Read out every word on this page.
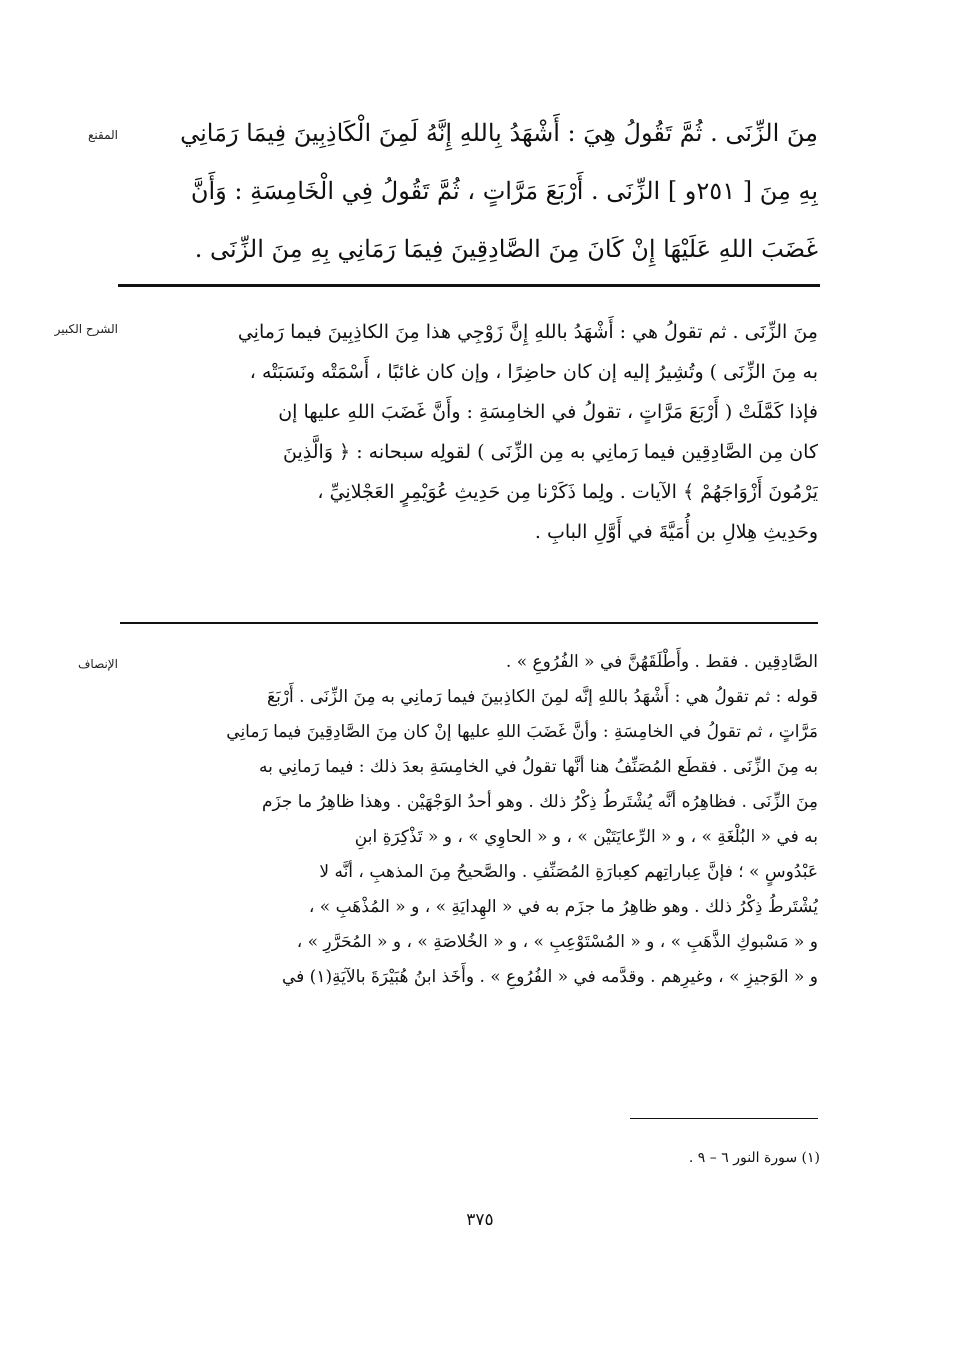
المقنع	مِنَ الزِّنَى . ثُمَّ تَقُولُ هِيَ : أَشْهَدُ بِاللهِ إِنَّهُ لَمِنَ الْكَاذِبِينَ فِيمَا رَمَانِي
بِهِ مِنَ [ ٢٥١و ] الزِّنَى . أَرْبَعَ مَرَّاتٍ ، ثُمَّ تَقُولُ فِي الْخَامِسَةِ : وَأَنَّ
غَضَبَ اللهِ عَلَيْهَا إِنْ كَانَ مِنَ الصَّادِقِينَ فِيمَا رَمَانِي بِهِ مِنَ الزِّنَى .
الشرح الكبير	مِنَ الزِّنَى . ثم تقولُ هي : أَشْهَدُ باللهِ إِنَّ زَوْجِي هذا مِنَ الكاذِبِينَ فيما رَمانِي
به مِنَ الزِّنَى ) وتُشِيرُ إليه إن كان حاضِرًا ، وإن كان غائبًا ، أَسْمَتْه ونَسَبَتْه ،
فإذا كَمَّلَتْ ( أَرْبَعَ مَرَّاتٍ ، تقولُ في الخامِسَةِ : وأَنَّ غَضَبَ اللهِ عليها إن
كان مِن الصَّادِقِين فيما رَمانِي به مِن الزِّنَى ) لقولِه سبحانه : ﴿ وَالَّذِينَ
يَرْمُونَ أَزْوَاجَهُمْ ﴾ الآيات . ولِما ذَكَرْنا مِن حَدِيثِ عُوَيْمِرٍ العَجْلانِيِّ ،
وحَدِيثِ هِلالِ بن أُمَيَّةَ في أَوَّلِ البابِ .
الإنصاف	الصَّادِقِين . فقط . وأَطْلَقَهُنَّ في « الفُرُوعِ » .
قوله : ثم تقولُ هي : أَشْهَدُ باللهِ إنَّه لمِنَ الكاذِبينَ فيما رَمانِي به مِنَ الزِّنَى . أَرْبَعَ
مَرَّاتٍ ، ثم تقولُ في الخامِسَةِ : وأنَّ غَضَبَ اللهِ عليها إنْ كان مِنَ الصَّادِقِينَ فيما رَمانِي
به مِنَ الزِّنَى . فقطَع المُصَنِّفُ هنا أنَّها تقولُ في الخامِسَةِ بعدَ ذلك : فيما رَمانِي به
مِنَ الزِّنَى . فظاهِرُه أنَّه يُشْتَرطُ ذِكْرُ ذلك . وهو أحدُ الوَجْهَيْن . وهذا ظاهِرُ ما جزَم
به في « البُلْغَةِ » ، و « الرِّعايَتَيْن » ، و « الحاوِي » ، و « تَذْكِرَةِ ابنِ
عَبْدُوسٍ » ؛ فإنَّ عِباراتِهم كعِبارَةِ المُصَنِّفِ . والصَّحيحُ مِنَ المذهبِ ، أنَّه لا
يُشْتَرطُ ذِكْرُ ذلك . وهو ظاهِرُ ما جزَم به في « الهِدايَةِ » ، و « المُذْهَبِ » ،
و « مَسْبوكِ الذَّهَبِ » ، و « المُسْتَوْعِبِ » ، و « الخُلاصَةِ » ، و « المُحَرَّرِ » ،
و « الوَجيزِ » ، وغيرِهم . وقدَّمه في « الفُرُوعِ » . وأَخَذ ابنُ هُبَيْرَةَ بالآيَةِ(١) في
(١) سورة النور ٦ – ٩ .
٣٧٥
